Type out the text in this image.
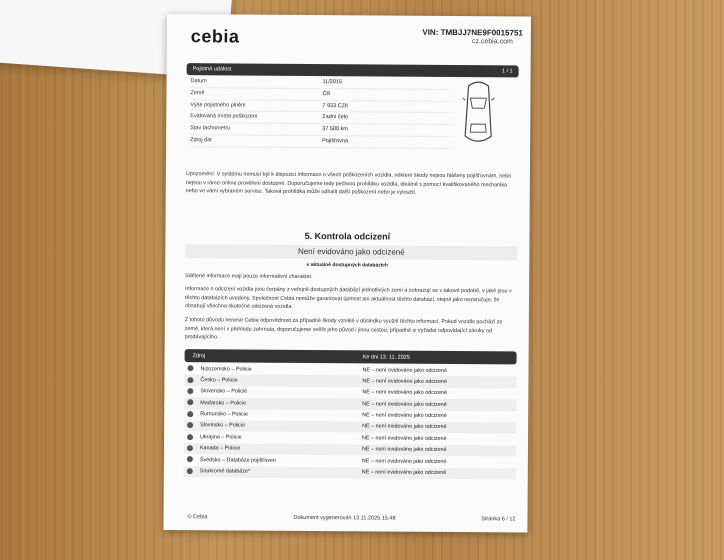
cebia	VIN: TMBJJ7NE9F0015751
cz.cebia.com
Pojistná událost	1 / 1
Datum	11/2015
Země	ČR
Výše pojistného plnění	7 933 CZK
Evidovaná místa poškození	Zadní čelo
Stav tachometru	37 500 km
Zdroj dat	Pojišťovna
Upozornění: V systému nemusí být k dispozici informace o všech poškozeních vozidla, některé škody nejsou hlášeny pojišťovnám, nebo nejsou v rámci online prověření dostupné. Doporučujeme tedy pečlivou prohlídku vozidla, ideálně s pomocí kvalifikovaného mechanika nebo ve vámi vybraném servisu. Taková prohlídka může odhalit další poškození nebo je vyloučit.
5. Kontrola odcizení
Není evidováno jako odcizené
v aktuálně dostupných databázích
Sdělené informace mají pouze informativní charakter.
Informace o odcizení vozidla jsou čerpány z veřejně dostupných databází jednotlivých zemí a zobrazují se v takové podobě, v jaké jsou v těchto databázích uvedeny. Společnost Cebia nemůže garantovat úplnost ani aktuálnost těchto databází, stejně jako nezaručuje, že obsahují všechna skutečně odcizená vozidla.
Z tohoto důvodu nenese Cebia odpovědnost za případné škody vzniklé v důsledku využití těchto informací. Pokud vozidlo pochází ze země, která není v přehledu zahrnuta, doporučujeme ověřit jeho původ i jinou cestou, případně si vyžádat odpovídající záruky od prodávajícího.
Zdroj	Ke dni 13. 11. 2025
Nizozemsko – Policie	NE – není evidováno jako odcizené
Česko – Policie	NE – není evidováno jako odcizené
Slovensko – Policie	NE – není evidováno jako odcizené
Maďarsko – Policie	NE – není evidováno jako odcizené
Rumunsko – Policie	NE – není evidováno jako odcizené
Slovinsko – Policie	NE – není evidováno jako odcizené
Ukrajina – Policie	NE – není evidováno jako odcizené
Kanada – Policie	NE – není evidováno jako odcizené
Švédsko – Databáze pojišťoven	NE – není evidováno jako odcizené
Soukromé databáze*	NE – není evidováno jako odcizené
© Cebia	Dokument vygenerován 13.11.2025 15:48	Stránka 6 / 12
